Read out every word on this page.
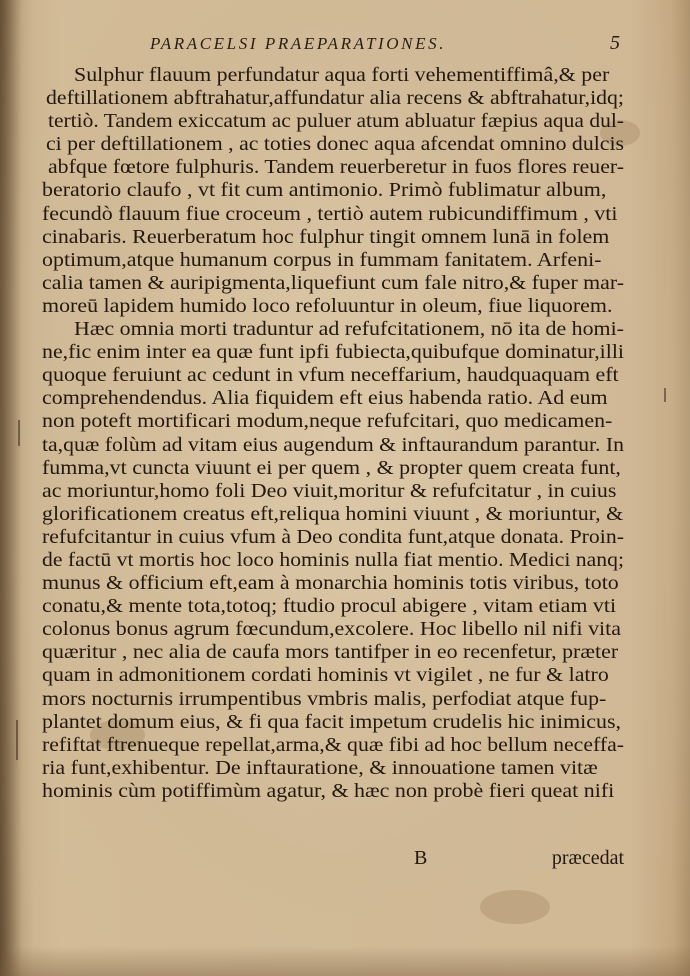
PARACELSI PRAEPARATIONES.	5
Sulphur flauum perfundatur aqua forti vehementiffimâ,& per
deftillationem abftrahatur,affundatur alia recens & abftrahatur,idq;
tertiò. Tandem exiccatum ac puluer atum abluatur fæpius aqua dul-
ci per deftillationem , ac toties donec aqua afcendat omnino dulcis
abfque fœtore fulphuris. Tandem reuerberetur in fuos flores reuer-
beratorio claufo , vt fit cum antimonio. Primò fublimatur album,
fecundò flauum fiue croceum , tertiò autem rubicundiffimum , vti
cinabaris. Reuerberatum hoc fulphur tingit omnem lunā in folem
optimum,atque humanum corpus in fummam fanitatem. Arfeni-
calia tamen & auripigmenta,liquefiunt cum fale nitro,& fuper mar-
moreū lapidem humido loco refoluuntur in oleum, fiue liquorem.
Hæc omnia morti traduntur ad refufcitationem, nō ita de homi-
ne,fic enim inter ea quæ funt ipfi fubiecta,quibufque dominatur,illi
quoque feruiunt ac cedunt in vfum neceffarium, haudquaquam eft
comprehendendus. Alia fiquidem eft eius habenda ratio. Ad eum
non poteft mortificari modum,neque refufcitari, quo medicamen-
ta,quæ folùm ad vitam eius augendum & inftaurandum parantur. In
fumma,vt cuncta viuunt ei per quem , & propter quem creata funt,
ac moriuntur,homo foli Deo viuit,moritur & refufcitatur , in cuius
glorificationem creatus eft,reliqua homini viuunt , & moriuntur, &
refufcitantur in cuius vfum à Deo condita funt,atque donata. Proin-
de factū vt mortis hoc loco hominis nulla fiat mentio. Medici nanq;
munus & officium eft,eam à monarchia hominis totis viribus, toto
conatu,& mente tota,totoq; ftudio procul abigere , vitam etiam vti
colonus bonus agrum fœcundum,excolere. Hoc libello nil nifi vita
quæritur , nec alia de caufa mors tantifper in eo recenfetur, præter
quam in admonitionem cordati hominis vt vigilet , ne fur & latro
mors nocturnis irrumpentibus vmbris malis, perfodiat atque fup-
plantet domum eius, & fi qua facit impetum crudelis hic inimicus,
refiftat ftrenueque repellat,arma,& quæ fibi ad hoc bellum neceffa-
ria funt,exhibentur. De inftauratione, & innouatione tamen vitæ
hominis cùm potiffimùm agatur, & hæc non probè fieri queat nifi
B	præcedat
